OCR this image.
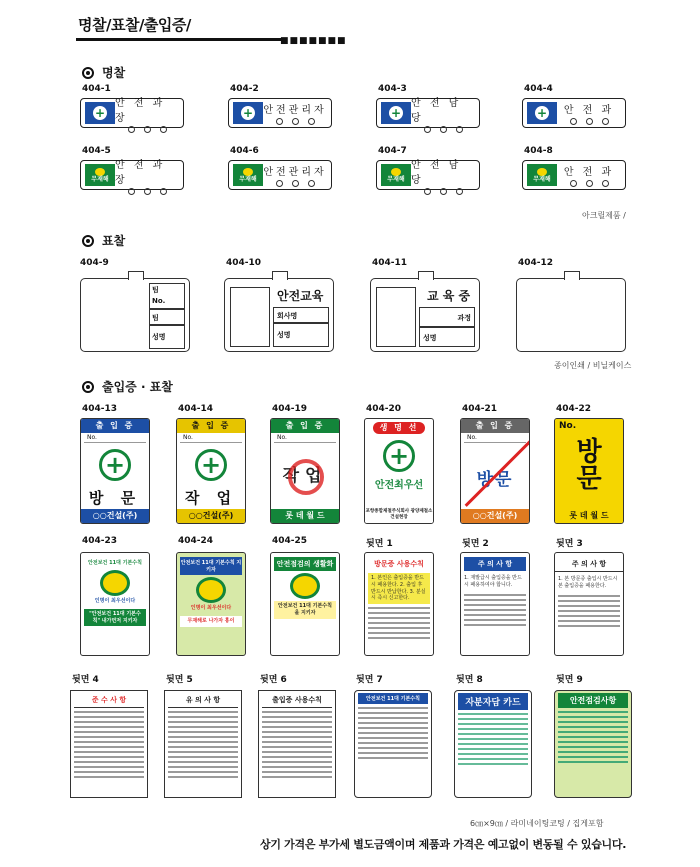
명찰/표찰/출입증/
■■■■■■■
명찰
404-1
+
안 전 과 장
404-2
+ 안전관리자
404-3
+
안 전 담 당
404-4
+ 안 전 과
404-5
무재해
안 전 과 장
404-6
무재해
안전관리자
404-7
무재해
안 전 담 당
404-8
무재해
안 전 과
아크릴제품 /
표찰
404-9
팀
No.
팀
성명
404-10
안전교육
회사명
성명
404-11
교 육 중
과정
성명
404-12
종이인쇄 / 비닐케이스
출입증 · 표찰
404-13
출 입 증
No.
+
방 문
○○건설(주)
404-14
출 입 증
No.
+
작 업
○○건설(주)
404-19
출 입 증
No.
작업
롯 데 월 드
404-20
생 명 선
+
안전최우선
포항종합제철주식회사 광양제철소 건설현장
404-21
출 입 증
No.
방문
○○건설(주)
404-22
No.
방문
롯 데 월 드
404-23
안전보건 11대 기본수칙
인명이 최우선이다
"안전보건 11대 기본수칙" 내가먼저 지키자
404-24
안전보건 11대 기본수칙 지키자
인명이 최우선이다
무재해로 나가자 홍이
404-25
안전점검의 생활화
안전보건 11대 기본수칙을 지키자
뒷면 1
방문증 사용수칙
1. 본인은 출입증을 반드시 패용한다. 2. 출입 후 반드시 반납한다. 3. 분실시 즉시 신고한다.
뒷면 2
주 의 사 항
1. 재발급시 출입증을 반드시 패용하여야 합니다.
뒷면 3
주 의 사 항
1. 본 방문증 출입시 반드시 본 출입증을 패용한다.
뒷면 4
준 수 사 항
뒷면 5
유 의 사 항
뒷면 6
출입증 사용수칙
뒷면 7
안전보건 11대 기본수칙
뒷면 8
자분자담 카드
뒷면 9
안전점검사항
6㎝×9㎝ / 라미네이팅코팅 / 집게포함
상기 가격은 부가세 별도금액이며 제품과 가격은 예고없이 변동될 수 있습니다.
